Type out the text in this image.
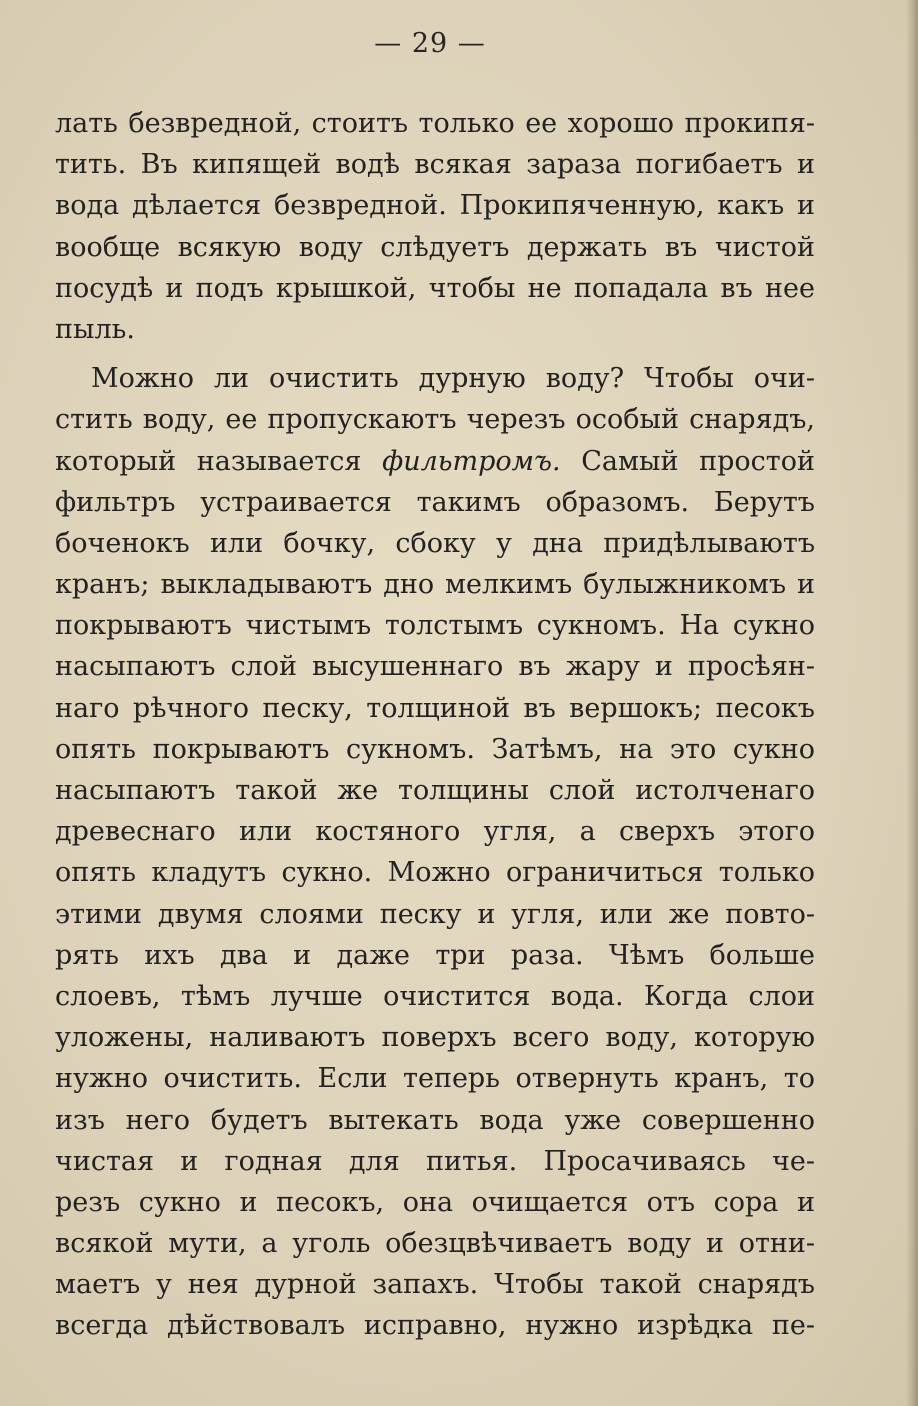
— 29 —
лать безвредной, стоитъ только ее хорошо прокипя-
тить. Въ кипящей водѣ всякая зараза погибаетъ и
вода дѣлается безвредной. Прокипяченную, какъ и
вообще всякую воду слѣдуетъ держать въ чистой
посудѣ и подъ крышкой, чтобы не попадала въ нее
пыль.
Можно ли очистить дурную воду? Чтобы очи-
стить воду, ее пропускаютъ черезъ особый снарядъ,
который называется фильтромъ. Самый простой
фильтръ устраивается такимъ образомъ. Берутъ
боченокъ или бочку, сбоку у дна придѣлываютъ
кранъ; выкладываютъ дно мелкимъ булыжникомъ и
покрываютъ чистымъ толстымъ сукномъ. На сукно
насыпаютъ слой высушеннаго въ жару и просѣян-
наго рѣчного песку, толщиной въ вершокъ; песокъ
опять покрываютъ сукномъ. Затѣмъ, на это сукно
насыпаютъ такой же толщины слой истолченаго
древеснаго или костяного угля, а сверхъ этого
опять кладутъ сукно. Можно ограничиться только
этими двумя слоями песку и угля, или же повто-
рять ихъ два и даже три раза. Чѣмъ больше
слоевъ, тѣмъ лучше очистится вода. Когда слои
уложены, наливаютъ поверхъ всего воду, которую
нужно очистить. Если теперь отвернуть кранъ, то
изъ него будетъ вытекать вода уже совершенно
чистая и годная для питья. Просачиваясь че-
резъ сукно и песокъ, она очищается отъ сора и
всякой мути, а уголь обезцвѣчиваетъ воду и отни-
маетъ у нея дурной запахъ. Чтобы такой снарядъ
всегда дѣйствовалъ исправно, нужно изрѣдка пе-
